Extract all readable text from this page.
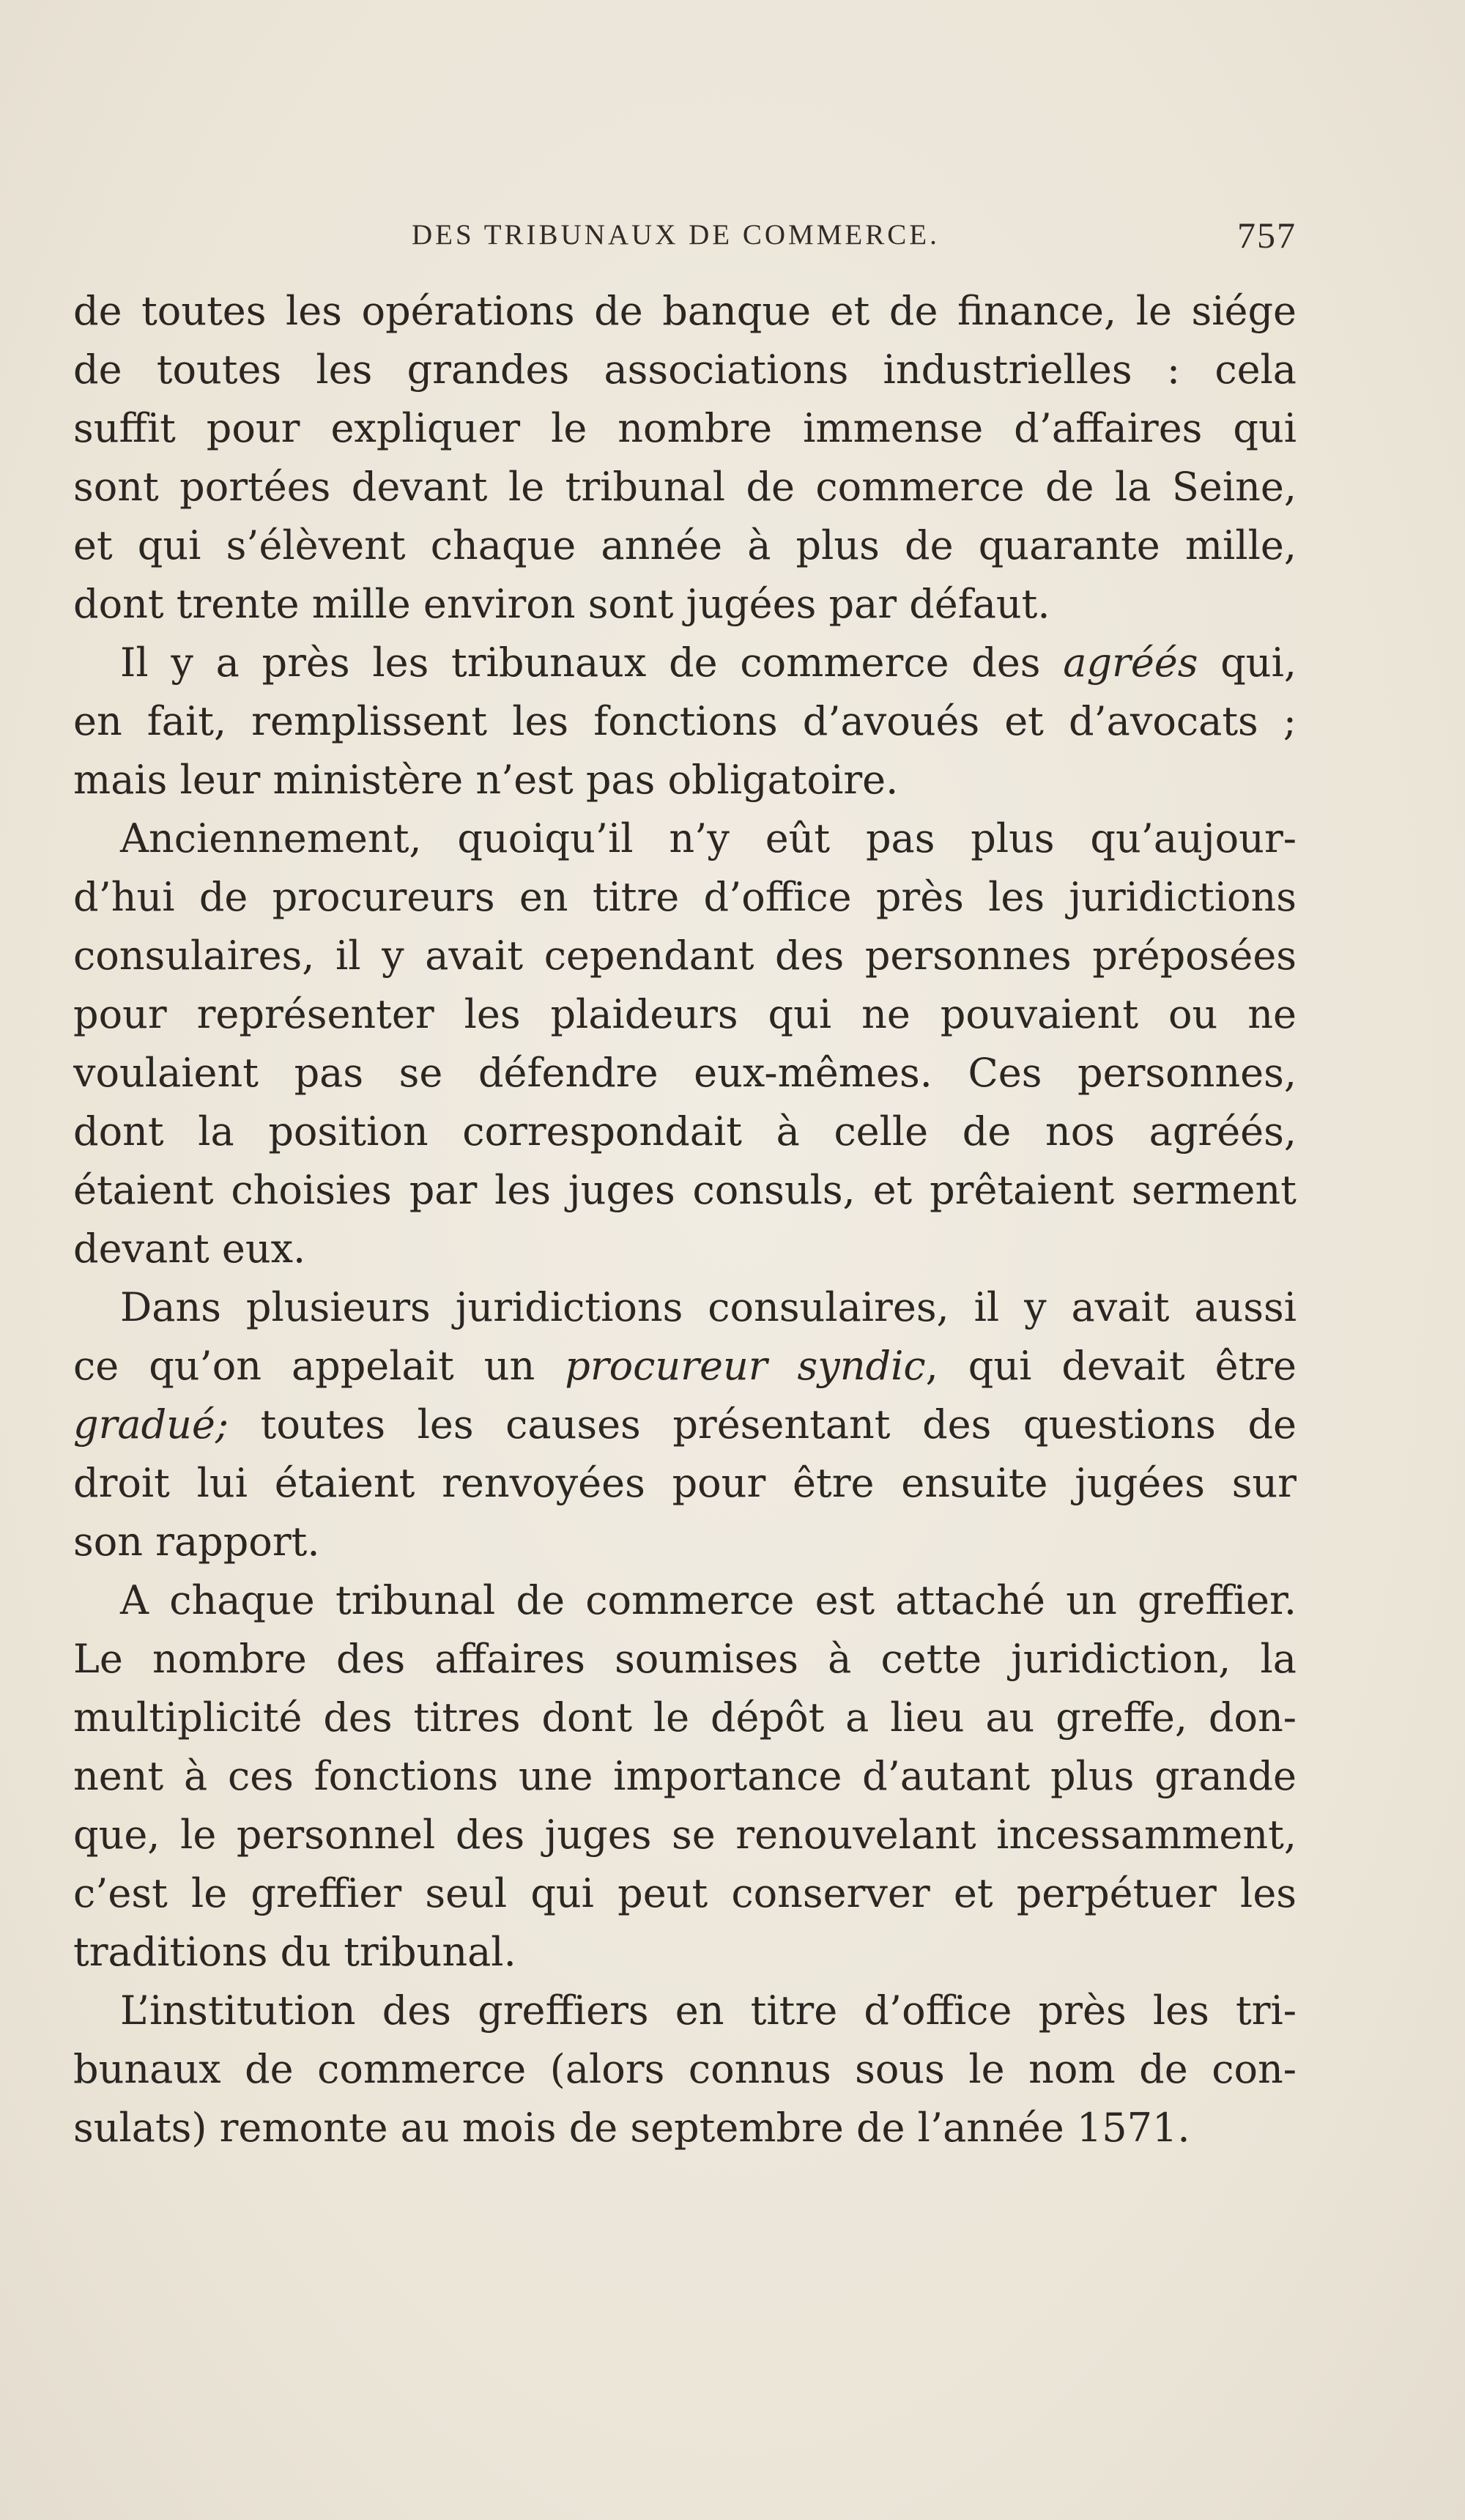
DES TRIBUNAUX DE COMMERCE.	757
de toutes les opérations de banque et de finance, le siége
de toutes les grandes associations industrielles : cela
suffit pour expliquer le nombre immense d’affaires qui
sont portées devant le tribunal de commerce de la Seine,
et qui s’élèvent chaque année à plus de quarante mille,
dont trente mille environ sont jugées par défaut.
Il y a près les tribunaux de commerce des agréés qui,
en fait, remplissent les fonctions d’avoués et d’avocats ;
mais leur ministère n’est pas obligatoire.
Anciennement, quoiqu’il n’y eût pas plus qu’aujour-
d’hui de procureurs en titre d’office près les juridictions
consulaires, il y avait cependant des personnes préposées
pour représenter les plaideurs qui ne pouvaient ou ne
voulaient pas se défendre eux-mêmes. Ces personnes,
dont la position correspondait à celle de nos agréés,
étaient choisies par les juges consuls, et prêtaient serment
devant eux.
Dans plusieurs juridictions consulaires, il y avait aussi
ce qu’on appelait un procureur syndic, qui devait être
gradué; toutes les causes présentant des questions de
droit lui étaient renvoyées pour être ensuite jugées sur
son rapport.
A chaque tribunal de commerce est attaché un greffier.
Le nombre des affaires soumises à cette juridiction, la
multiplicité des titres dont le dépôt a lieu au greffe, don-
nent à ces fonctions une importance d’autant plus grande
que, le personnel des juges se renouvelant incessamment,
c’est le greffier seul qui peut conserver et perpétuer les
traditions du tribunal.
L’institution des greffiers en titre d’office près les tri-
bunaux de commerce (alors connus sous le nom de con-
sulats) remonte au mois de septembre de l’année 1571.
